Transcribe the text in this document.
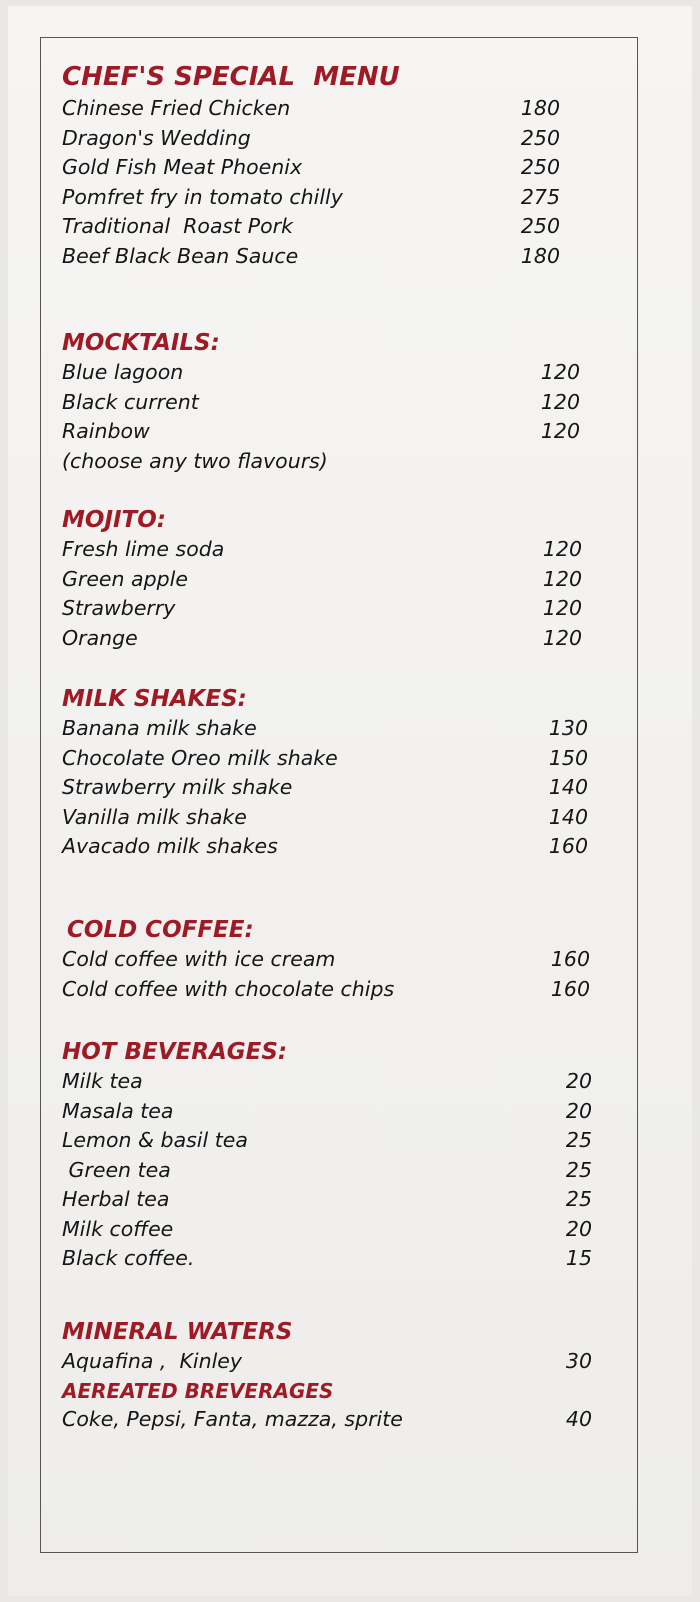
CHEF'S SPECIAL  MENU
Chinese Fried Chicken	180
Dragon's Wedding	250
Gold Fish Meat Phoenix	250
Pomfret fry in tomato chilly	275
Traditional  Roast Pork	250
Beef Black Bean Sauce	180
MOCKTAILS:
Blue lagoon	120
Black current	120
Rainbow	120
(choose any two flavours)
MOJITO:
Fresh lime soda	120
Green apple	120
Strawberry	120
Orange	120
MILK SHAKES:
Banana milk shake	130
Chocolate Oreo milk shake	150
Strawberry milk shake	140
Vanilla milk shake	140
Avacado milk shakes	160
COLD COFFEE:
Cold coffee with ice cream	160
Cold coffee with chocolate chips	160
HOT BEVERAGES:
Milk tea	20
Masala tea	20
Lemon & basil tea	25
Green tea	25
Herbal tea	25
Milk coffee	20
Black coffee.	15
MINERAL WATERS
Aquafina ,  Kinley	30
AEREATED BREVERAGES
Coke, Pepsi, Fanta, mazza, sprite	40
